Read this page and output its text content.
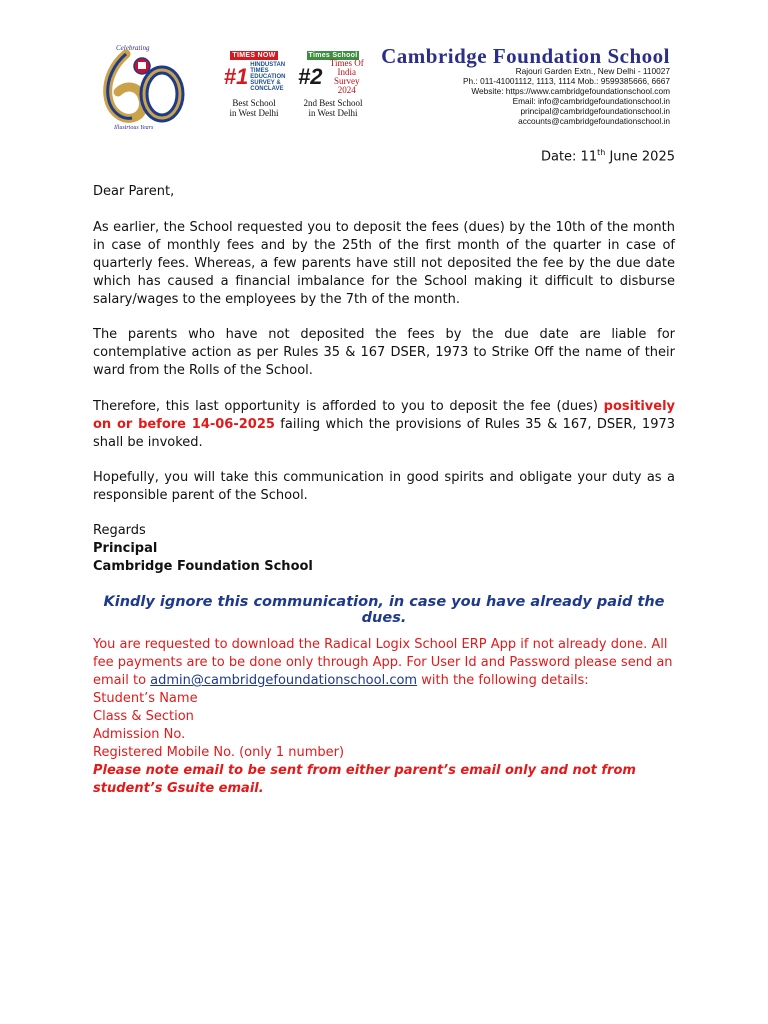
Celebrating
Illustrious Years
TIMES NOW
#1 HINDUSTAN TIMES EDUCATION SURVEY & CONCLAVE
Best School
in West Delhi
Times School
#2
Times Of
India
Survey 2024
2nd Best School
in West Delhi
Cambridge Foundation School
Rajouri Garden Extn., New Delhi - 110027
Ph.: 011-41001112, 1113, 1114 Mob.: 9599385666, 6667
Website: https://www.cambridgefoundationschool.com
Email: info@cambridgefoundationschool.in
principal@cambridgefoundationschool.in
accounts@cambridgefoundationschool.in
Date: 11th June 2025
Dear Parent,
As earlier, the School requested you to deposit the fees (dues) by the 10th of the month in case of monthly fees and by the 25th of the first month of the quarter in case of quarterly fees. Whereas, a few parents have still not deposited the fee by the due date which has caused a financial imbalance for the School making it difficult to disburse salary/wages to the employees by the 7th of the month.
The parents who have not deposited the fees by the due date are liable for contemplative action as per Rules 35 & 167 DSER, 1973 to Strike Off the name of their ward from the Rolls of the School.
Therefore, this last opportunity is afforded to you to deposit the fee (dues) positively on or before 14-06-2025 failing which the provisions of Rules 35 & 167, DSER, 1973 shall be invoked.
Hopefully, you will take this communication in good spirits and obligate your duty as a responsible parent of the School.
Regards
Principal
Cambridge Foundation School
Kindly ignore this communication, in case you have already paid the dues.
You are requested to download the Radical Logix School ERP App if not already done. All fee payments are to be done only through App. For User Id and Password please send an email to admin@cambridgefoundationschool.com with the following details:
Student’s Name
Class & Section
Admission No.
Registered Mobile No. (only 1 number)
Please note email to be sent from either parent’s email only and not from student’s Gsuite email.
